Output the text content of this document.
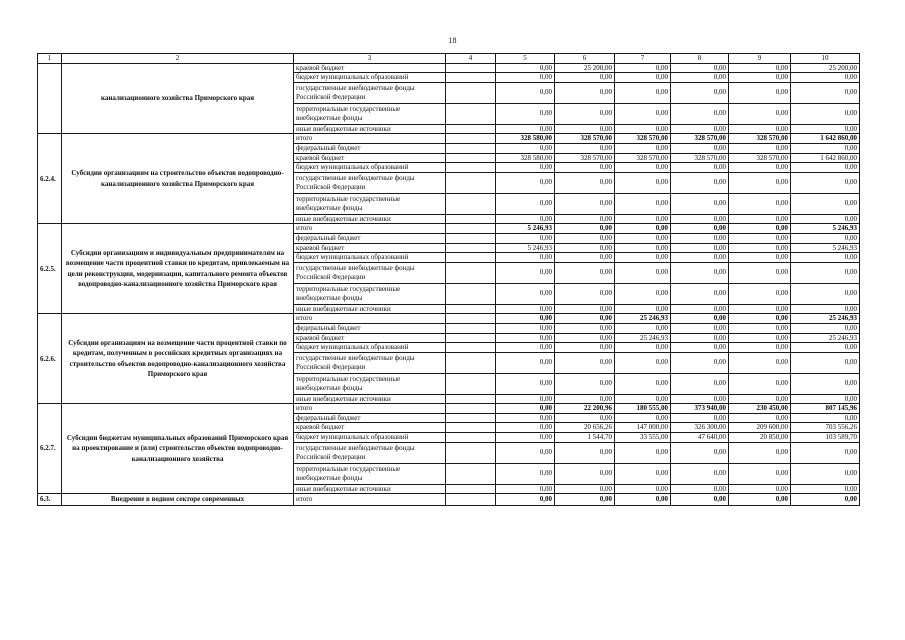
18
1	2	3	4	5	6	7	8	9	10
	канализационного хозяйства Приморского края	краевой бюджет		0,00	25 200,00	0,00	0,00	0,00	25 200,00
		бюджет муниципальных образований		0,00	0,00	0,00	0,00	0,00	0,00
		государственные внебюджетные фонды Российской Федерации		0,00	0,00	0,00	0,00	0,00	0,00
		территориальные государственные внебюджетные фонды		0,00	0,00	0,00	0,00	0,00	0,00
		иные внебюджетные источники		0,00	0,00	0,00	0,00	0,00	0,00
6.2.4.	Субсидии организациям на строительство объектов водопроводно-канализационного хозяйства Приморского края	итого		328 580,00	328 570,00	328 570,00	328 570,00	328 570,00	1 642 860,00
		федеральный бюджет		0,00	0,00	0,00	0,00	0,00	0,00
		краевой бюджет		328 580,00	328 570,00	328 570,00	328 570,00	328 570,00	1 642 860,00
		бюджет муниципальных образований		0,00	0,00	0,00	0,00	0,00	0,00
		государственные внебюджетные фонды Российской Федерации		0,00	0,00	0,00	0,00	0,00	0,00
		территориальные государственные внебюджетные фонды		0,00	0,00	0,00	0,00	0,00	0,00
		иные внебюджетные источники		0,00	0,00	0,00	0,00	0,00	0,00
6.2.5.	Субсидии организациям и индивидуальным предпринимателям на возмещение части процентной ставки по кредитам, привлекаемым на цели реконструкции, модернизации, капитального ремонта объектов водопроводно-канализационного хозяйства Приморского края	итого		5 246,93	0,00	0,00	0,00	0,00	5 246,93
		федеральный бюджет		0,00	0,00	0,00	0,00	0,00	0,00
		краевой бюджет		5 246,93	0,00	0,00	0,00	0,00	5 246,93
		бюджет муниципальных образований		0,00	0,00	0,00	0,00	0,00	0,00
		государственные внебюджетные фонды Российской Федерации		0,00	0,00	0,00	0,00	0,00	0,00
		территориальные государственные внебюджетные фонды		0,00	0,00	0,00	0,00	0,00	0,00
		иные внебюджетные источники		0,00	0,00	0,00	0,00	0,00	0,00
6.2.6.	Субсидии организациям на возмещение части процентной ставки по кредитам, полученным в российских кредитных организациях на строительство объектов водопроводно-канализационного хозяйства Приморского края	итого		0,00	0,00	25 246,93	0,00	0,00	25 246,93
		федеральный бюджет		0,00	0,00	0,00	0,00	0,00	0,00
		краевой бюджет		0,00	0,00	25 246,93	0,00	0,00	25 246,93
		бюджет муниципальных образований		0,00	0,00	0,00	0,00	0,00	0,00
		государственные внебюджетные фонды Российской Федерации		0,00	0,00	0,00	0,00	0,00	0,00
		территориальные государственные внебюджетные фонды		0,00	0,00	0,00	0,00	0,00	0,00
		иные внебюджетные источники		0,00	0,00	0,00	0,00	0,00	0,00
6.2.7.	Субсидии бюджетам муниципальных образований Приморского края на проектирование и (или) строительство объектов водопроводно-канализационного хозяйства	итого		0,00	22 200,96	180 555,00	373 940,00	230 450,00	807 145,96
		федеральный бюджет		0,00	0,00	0,00	0,00	0,00	0,00
		краевой бюджет		0,00	20 656,26	147 000,00	326 300,00	209 600,00	703 556,26
		бюджет муниципальных образований		0,00	1 544,70	33 555,00	47 640,00	20 850,00	103 589,70
		государственные внебюджетные фонды Российской Федерации		0,00	0,00	0,00	0,00	0,00	0,00
		территориальные государственные внебюджетные фонды		0,00	0,00	0,00	0,00	0,00	0,00
		иные внебюджетные источники		0,00	0,00	0,00	0,00	0,00	0,00
6.3.	Внедрение в водном секторе современных	итого		0,00	0,00	0,00	0,00	0,00	0,00
